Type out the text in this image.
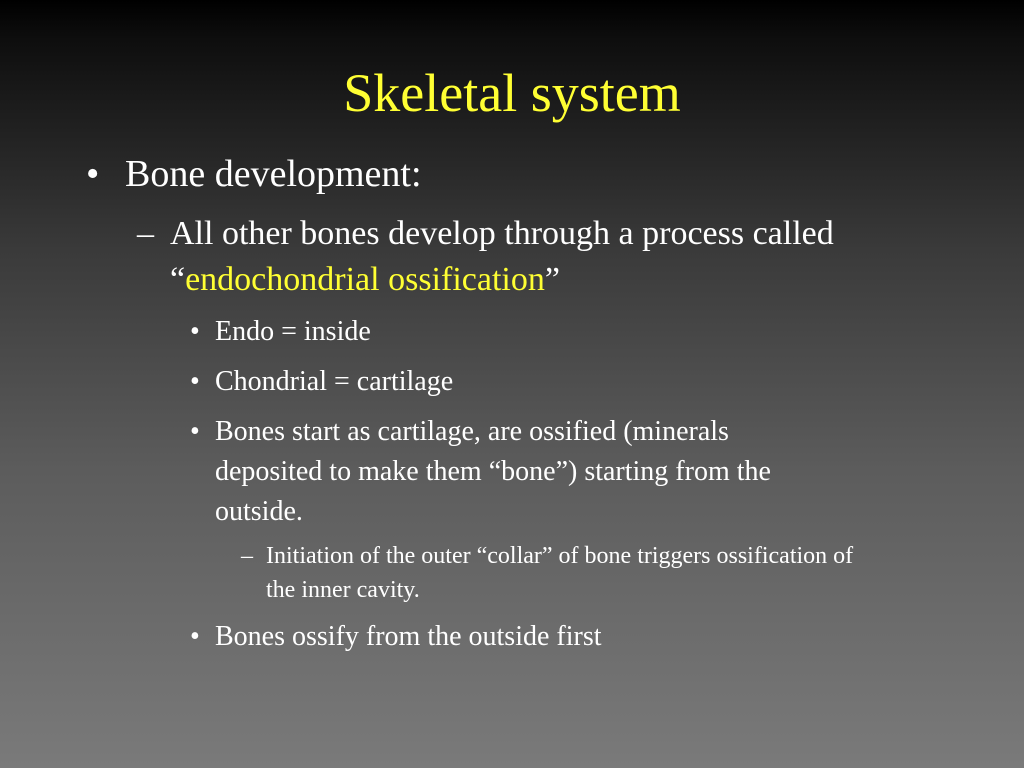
Skeletal system
• Bone development:
– All other bones develop through a process called
“endochondrial ossification”
• Endo = inside
• Chondrial = cartilage
• Bones start as cartilage, are ossified (minerals
deposited to make them “bone”) starting from the
outside.
– Initiation of the outer “collar” of bone triggers ossification of
the inner cavity.
• Bones ossify from the outside first
